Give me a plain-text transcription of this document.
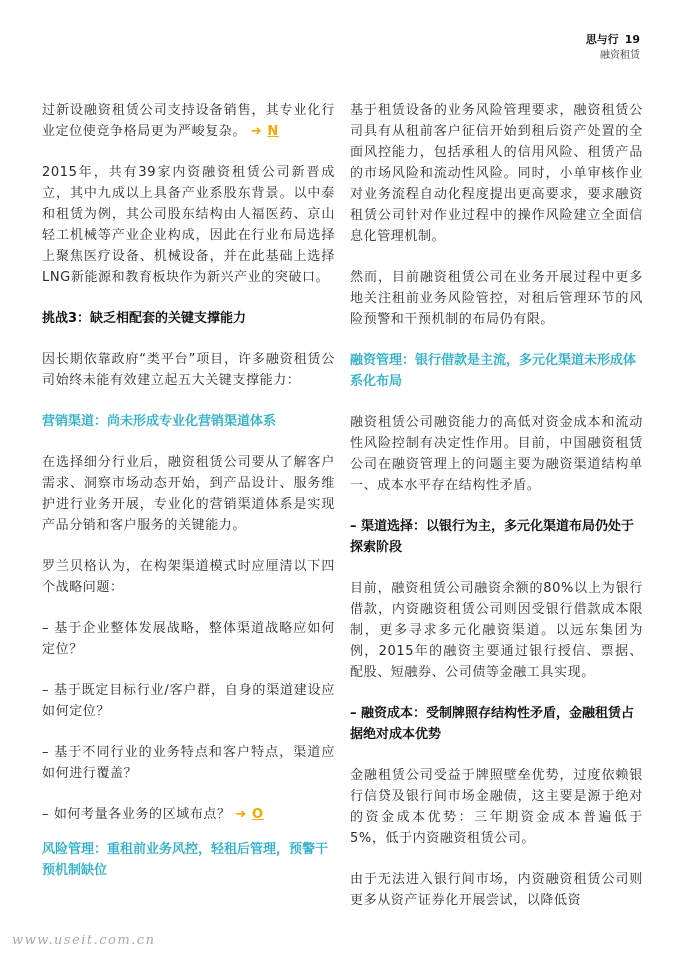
思与行 19
融资租赁

过新设融资租赁公司支持设备销售，其专业化行业定位使竞争格局更为严峻复杂。 ➜ N

2015年，共有39家内资融资租赁公司新晋成立，其中九成以上具备产业系股东背景。以中泰和租赁为例，其公司股东结构由人福医药、京山轻工机械等产业企业构成，因此在行业布局选择上聚焦医疗设备、机械设备，并在此基础上选择LNG新能源和教育板块作为新兴产业的突破口。

挑战3：缺乏相配套的关键支撑能力

因长期依靠政府“类平台”项目，许多融资租赁公司始终未能有效建立起五大关键支撑能力：

营销渠道：尚未形成专业化营销渠道体系

在选择细分行业后，融资租赁公司要从了解客户需求、洞察市场动态开始，到产品设计、服务维护进行业务开展，专业化的营销渠道体系是实现产品分销和客户服务的关键能力。

罗兰贝格认为，在构架渠道模式时应厘清以下四个战略问题：

– 基于企业整体发展战略，整体渠道战略应如何定位？

– 基于既定目标行业/客户群，自身的渠道建设应如何定位？

– 基于不同行业的业务特点和客户特点，渠道应如何进行覆盖？

– 如何考量各业务的区域布点？ ➜ O

风险管理：重租前业务风控，轻租后管理，预警干预机制缺位

基于租赁设备的业务风险管理要求，融资租赁公司具有从租前客户征信开始到租后资产处置的全面风控能力，包括承租人的信用风险、租赁产品的市场风险和流动性风险。同时，小单审核作业对业务流程自动化程度提出更高要求，要求融资租赁公司针对作业过程中的操作风险建立全面信息化管理机制。

然而，目前融资租赁公司在业务开展过程中更多地关注租前业务风险管控，对租后管理环节的风险预警和干预机制的布局仍有限。

融资管理：银行借款是主流，多元化渠道未形成体系化布局

融资租赁公司融资能力的高低对资金成本和流动性风险控制有决定性作用。目前，中国融资租赁公司在融资管理上的问题主要为融资渠道结构单一、成本水平存在结构性矛盾。

– 渠道选择：以银行为主，多元化渠道布局仍处于探索阶段

目前，融资租赁公司融资余额的80%以上为银行借款，内资融资租赁公司则因受银行借款成本限制，更多寻求多元化融资渠道。以远东集团为例，2015年的融资主要通过银行授信、票据、配股、短融券、公司债等金融工具实现。

– 融资成本：受制牌照存结构性矛盾，金融租赁占据绝对成本优势

金融租赁公司受益于牌照壁垒优势，过度依赖银行信贷及银行间市场金融债，这主要是源于绝对的资金成本优势：三年期资金成本普遍低于5%，低于内资融资租赁公司。

由于无法进入银行间市场，内资融资租赁公司则更多从资产证券化开展尝试，以降低资

www.useit.com.cn
